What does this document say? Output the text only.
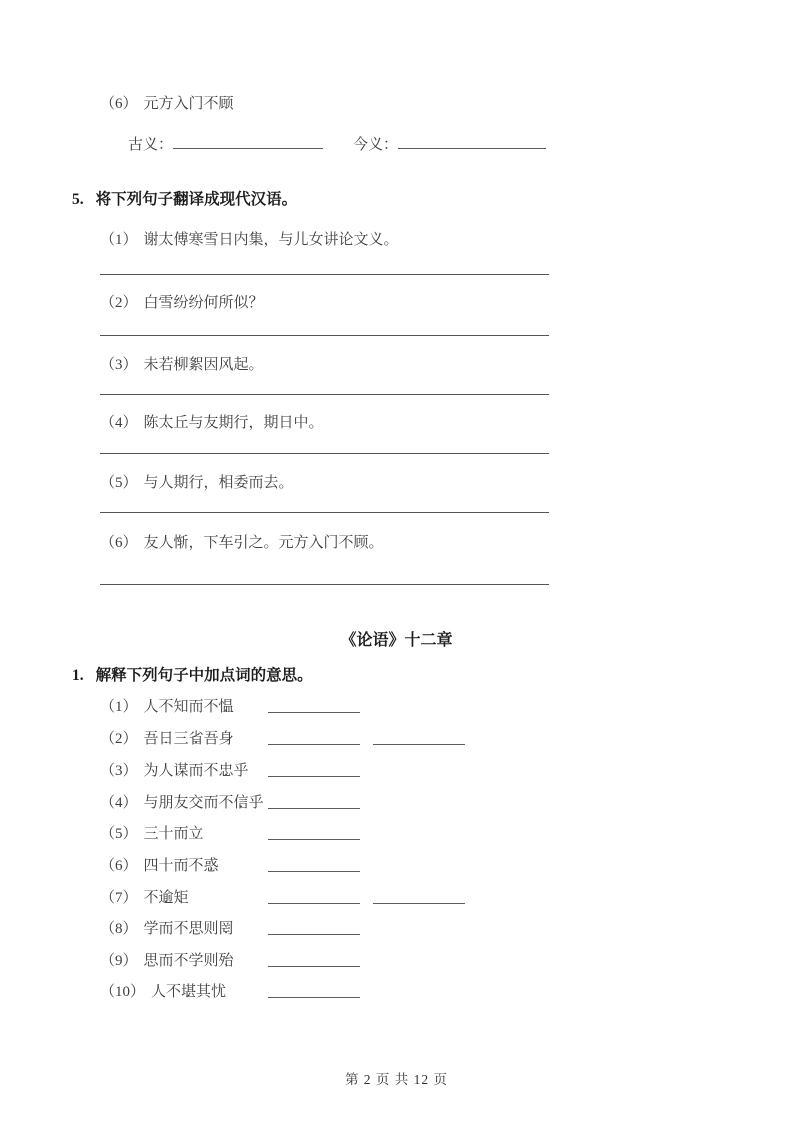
古义：	今义：
5. 将下列句子翻译成现代汉语。
《论语》十二章
1. 解释下列句子中加点词的意思。
第 2 页 共 12 页
（6） 元方入门不顾 •
（1） 谢太傅寒雪日内集，与儿女讲论文义。
（2） 白雪纷纷何所似？
（3） 未若柳絮因风起。
（4） 陈太丘与友期行，期日中。
（5） 与人期行，相委而去。
（6） 友人惭，下车引之。元方入门不顾。
（1） 人不知而不愠 •
（2） 吾日 •三省 •吾身
（3） 为人谋而不忠 •乎
（4） 与朋友交而不信 •乎
（5） 三十而立 •
（6） 四十而不惑 •
（7） 不逾 •矩 •
（8） 学而不思则罔 •
（9） 思而不学则殆 •
（10） 人不堪 •其忧
